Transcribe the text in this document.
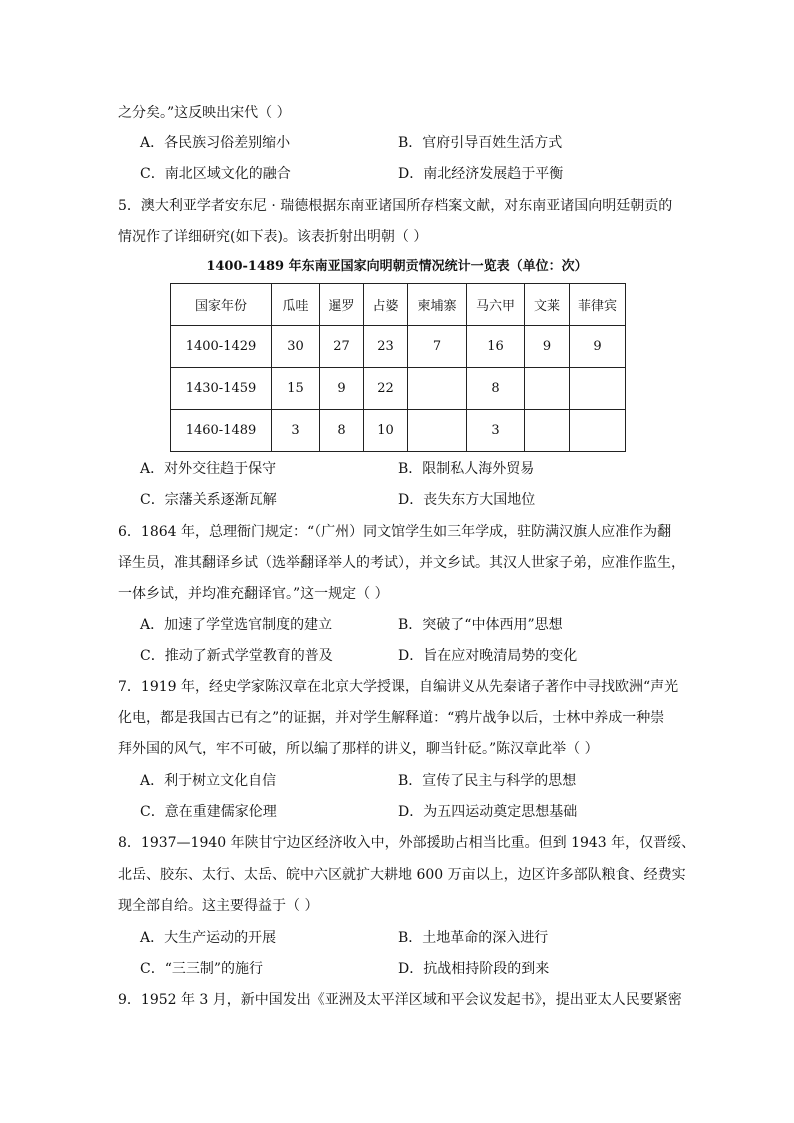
之分矣。”这反映出宋代（ ）
A．各民族习俗差别缩小	B．官府引导百姓生活方式
C．南北区域文化的融合	D．南北经济发展趋于平衡
5．澳大利亚学者安东尼 · 瑞德根据东南亚诸国所存档案文献，对东南亚诸国向明廷朝贡的
情况作了详细研究(如下表)。该表折射出明朝（ ）
1400-1489 年东南亚国家向明朝贡情况统计一览表（单位：次）
国家年份	瓜哇	暹罗	占婆	柬埔寨	马六甲	文莱	菲律宾
1400-1429	30	27	23	7	16	9	9
1430-1459	15	9	22		8		
1460-1489	3	8	10		3		
A．对外交往趋于保守	B．限制私人海外贸易
C．宗藩关系逐渐瓦解	D．丧失东方大国地位
6．1864 年，总理衙门规定：“（广州）同文馆学生如三年学成，驻防满汉旗人应准作为翻
译生员，准其翻译乡试（选举翻译举人的考试），并文乡试。其汉人世家子弟，应准作监生，
一体乡试，并均准充翻译官。”这一规定（ ）
A．加速了学堂选官制度的建立	B．突破了“中体西用”思想
C．推动了新式学堂教育的普及	D．旨在应对晚清局势的变化
7．1919 年，经史学家陈汉章在北京大学授课，自编讲义从先秦诸子著作中寻找欧洲“声光
化电，都是我国古已有之”的证据，并对学生解释道：“鸦片战争以后，士林中养成一种崇
拜外国的风气，牢不可破，所以编了那样的讲义，聊当针砭。”陈汉章此举（ ）
A．利于树立文化自信	B．宣传了民主与科学的思想
C．意在重建儒家伦理	D．为五四运动奠定思想基础
8．1937—1940 年陕甘宁边区经济收入中，外部援助占相当比重。但到 1943 年，仅晋绥、
北岳、胶东、太行、太岳、皖中六区就扩大耕地 600 万亩以上，边区许多部队粮食、经费实
现全部自给。这主要得益于（ ）
A．大生产运动的开展	B．土地革命的深入进行
C．“三三制”的施行	D．抗战相持阶段的到来
9．1952 年 3 月，新中国发出《亚洲及太平洋区域和平会议发起书》，提出亚太人民要紧密
